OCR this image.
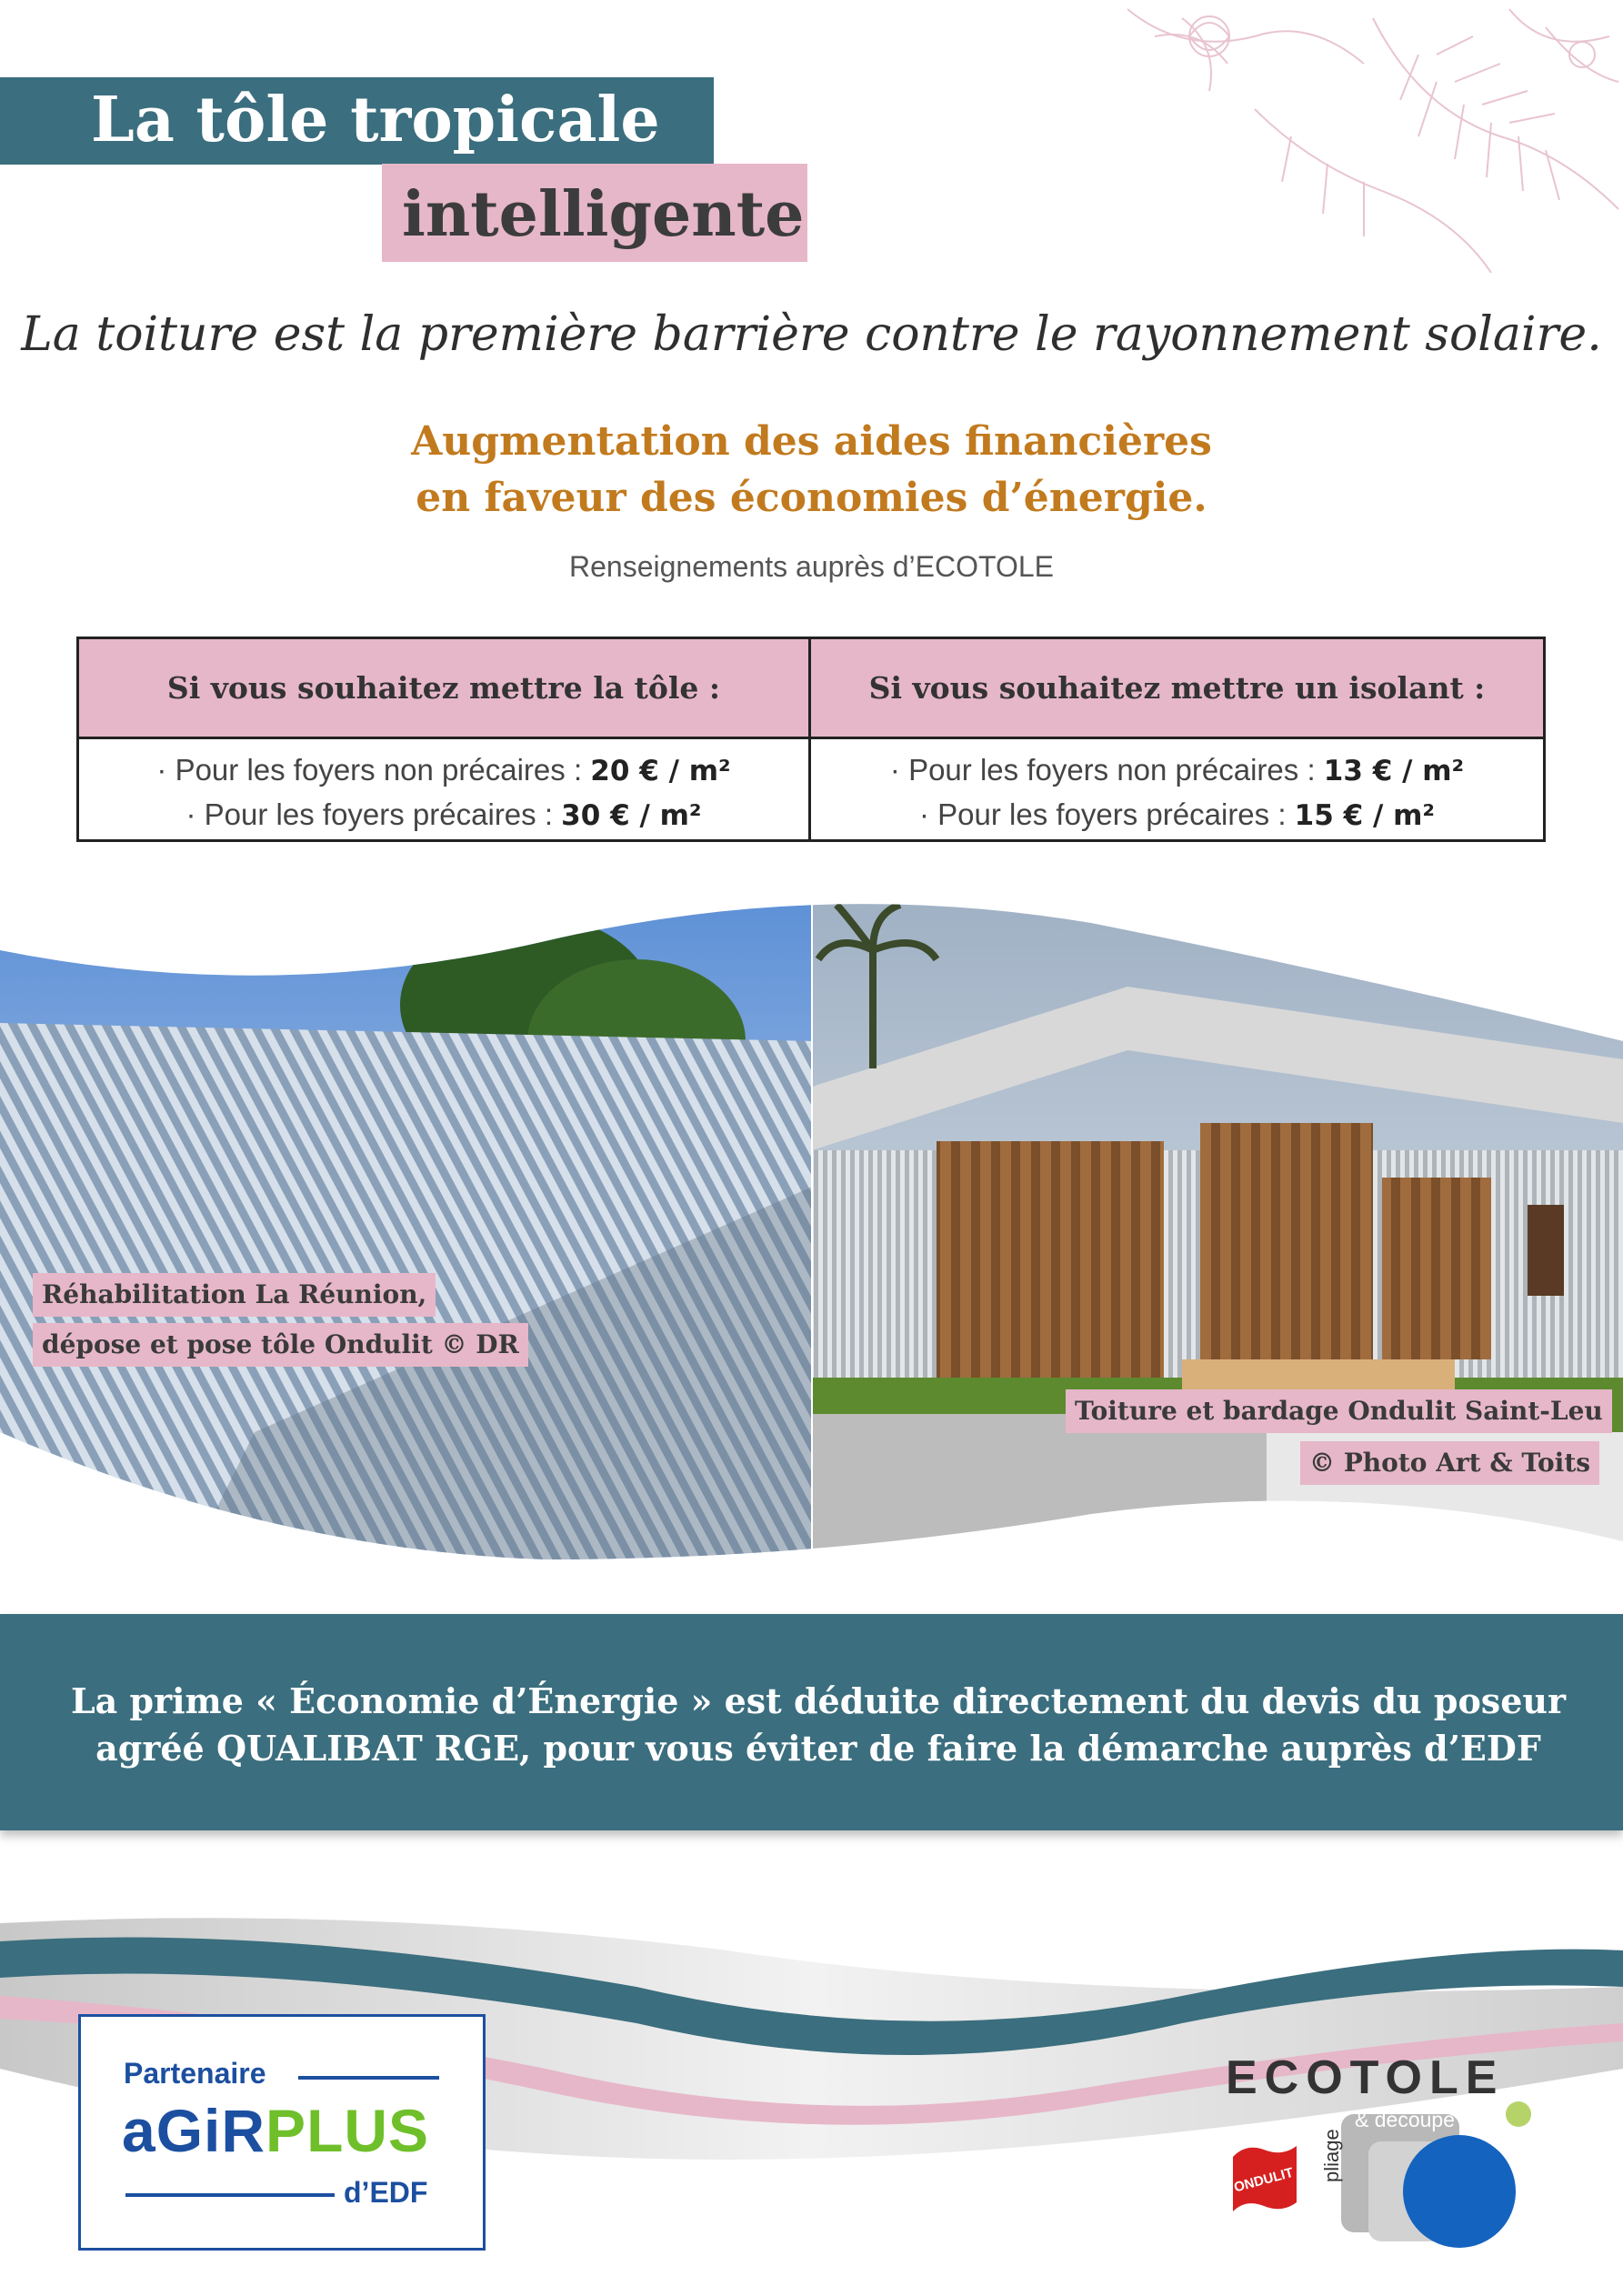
La tôle tropicale
intelligente
La toiture est la première barrière contre le rayonnement solaire.
Augmentation des aides financières
en faveur des économies d’énergie.
Renseignements auprès d’ECOTOLE
Si vous souhaitez mettre la tôle :
· Pour les foyers non précaires : 20 € / m²
· Pour les foyers précaires : 30 € / m²
Si vous souhaitez mettre un isolant :
· Pour les foyers non précaires : 13 € / m²
· Pour les foyers précaires : 15 € / m²
Réhabilitation La Réunion,
dépose et pose tôle Ondulit © DR
Toiture et bardage Ondulit Saint-Leu
© Photo Art & Toits
La prime « Économie d’Énergie » est déduite directement du devis du poseur
agréé QUALIBAT RGE, pour vous éviter de faire la démarche auprès d’EDF
Partenaire
aGiRPLUS
d’EDF
ECOTOLE
ONDULIT pliage
& découpe
